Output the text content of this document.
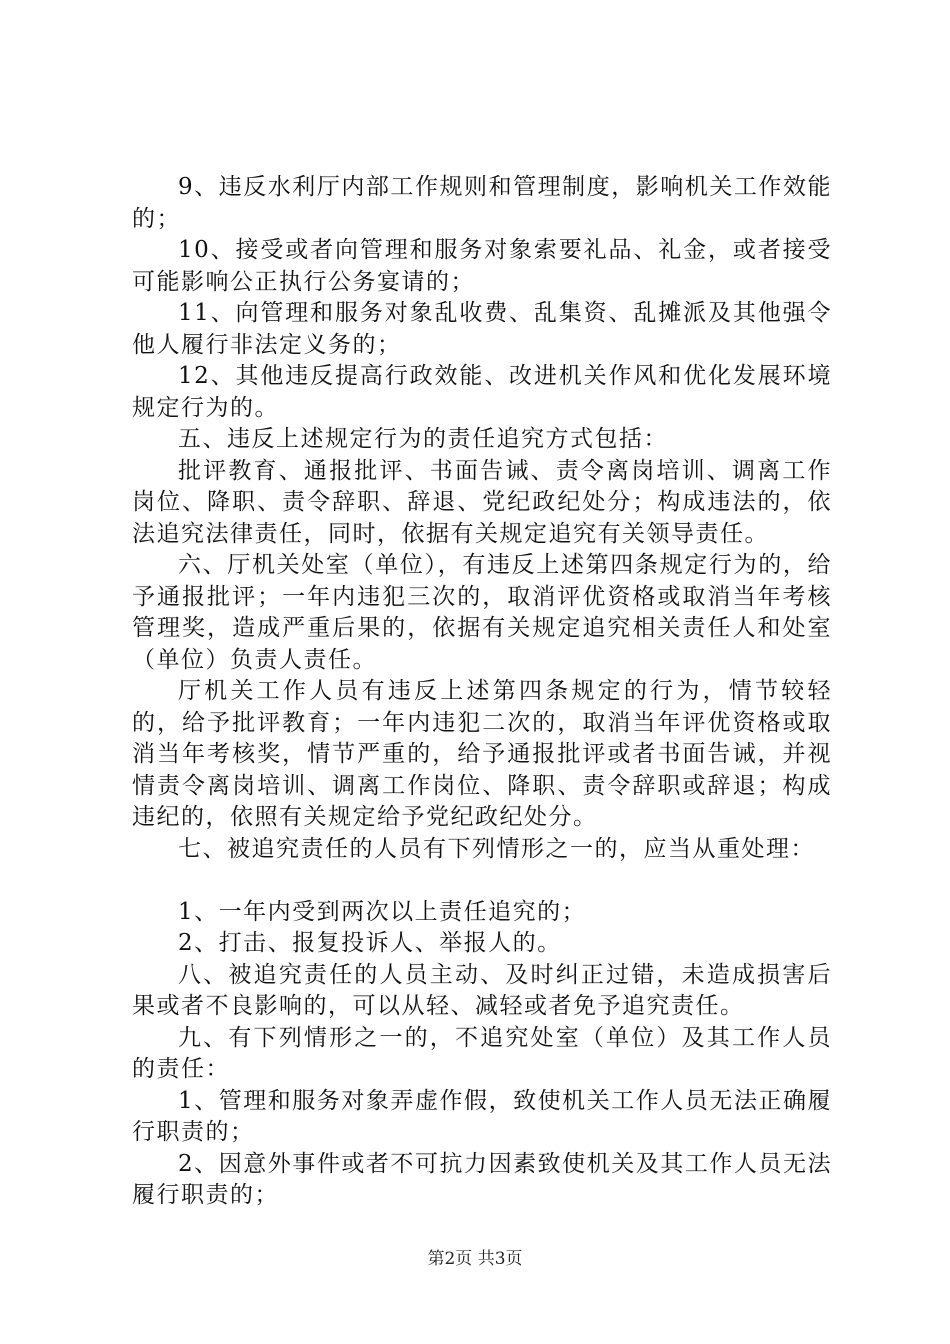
9、违反水利厅内部工作规则和管理制度，影响机关工作效能的；

10、接受或者向管理和服务对象索要礼品、礼金，或者接受可能影响公正执行公务宴请的；

11、向管理和服务对象乱收费、乱集资、乱摊派及其他强令他人履行非法定义务的；

12、其他违反提高行政效能、改进机关作风和优化发展环境规定行为的。

五、违反上述规定行为的责任追究方式包括：

批评教育、通报批评、书面告诫、责令离岗培训、调离工作岗位、降职、责令辞职、辞退、党纪政纪处分；构成违法的，依法追究法律责任，同时，依据有关规定追究有关领导责任。

六、厅机关处室（单位），有违反上述第四条规定行为的，给予通报批评；一年内违犯三次的，取消评优资格或取消当年考核管理奖，造成严重后果的，依据有关规定追究相关责任人和处室（单位）负责人责任。

厅机关工作人员有违反上述第四条规定的行为，情节较轻的，给予批评教育；一年内违犯二次的，取消当年评优资格或取消当年考核奖，情节严重的，给予通报批评或者书面告诫，并视情责令离岗培训、调离工作岗位、降职、责令辞职或辞退；构成违纪的，依照有关规定给予党纪政纪处分。

七、被追究责任的人员有下列情形之一的，应当从重处理：

1、一年内受到两次以上责任追究的；

2、打击、报复投诉人、举报人的。

八、被追究责任的人员主动、及时纠正过错，未造成损害后果或者不良影响的，可以从轻、减轻或者免予追究责任。

九、有下列情形之一的，不追究处室（单位）及其工作人员的责任：

1、管理和服务对象弄虚作假，致使机关工作人员无法正确履行职责的；

2、因意外事件或者不可抗力因素致使机关及其工作人员无法履行职责的；

第2页 共3页
